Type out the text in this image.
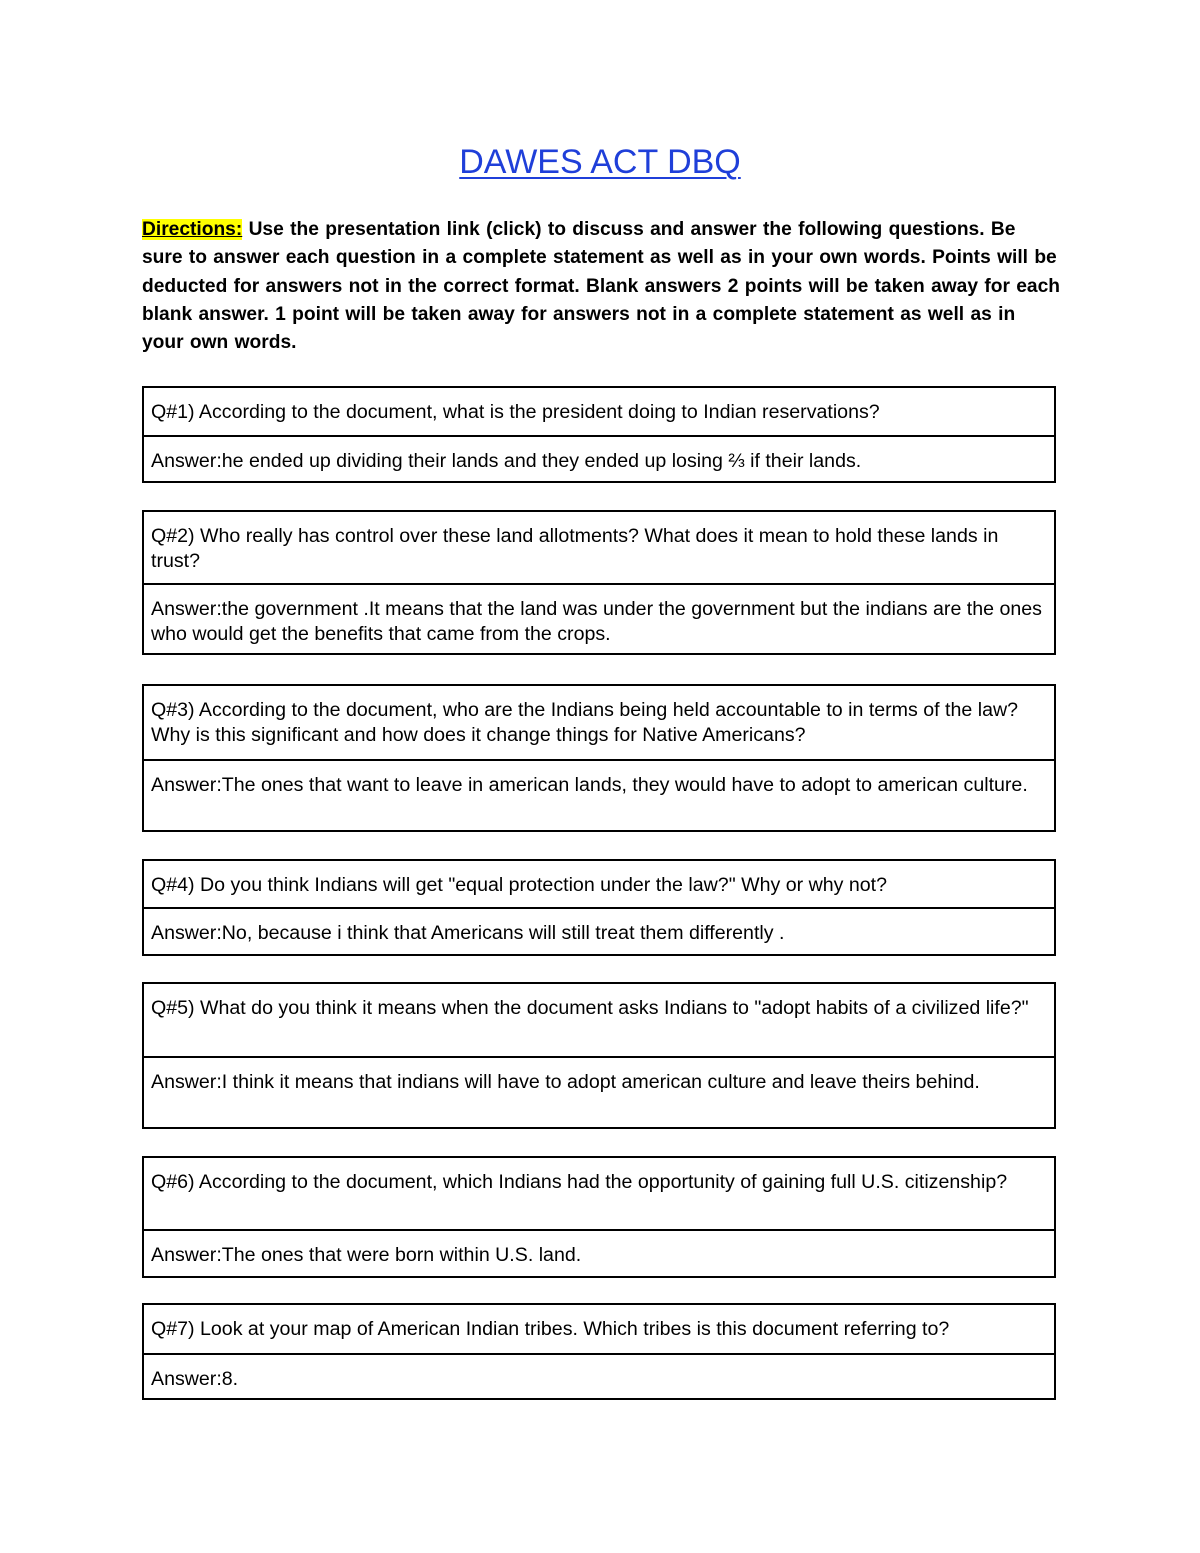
DAWES ACT DBQ
Directions: Use the presentation link (click) to discuss and answer the following questions. Be sure to answer each question in a complete statement as well as in your own words. Points will be deducted for answers not in the correct format. Blank answers 2 points will be taken away for each blank answer. 1 point will be taken away for answers not in a complete statement as well as in your own words.
Q#1) According to the document, what is the president doing to Indian reservations?
Answer:he ended up dividing their lands and they ended up losing ⅔ if their lands.
Q#2) Who really has control over these land allotments? What does it mean to hold these lands in trust?
Answer:the government .It means that the land was under the government but the indians are the ones who would get the benefits that came from the crops.
Q#3) According to the document, who are the Indians being held accountable to in terms of the law? Why is this significant and how does it change things for Native Americans?
Answer:The ones that want to leave in american lands, they would have to adopt to american culture.
Q#4) Do you think Indians will get "equal protection under the law?" Why or why not?
Answer:No, because i think that Americans will still treat them differently .
Q#5) What do you think it means when the document asks Indians to "adopt habits of a civilized life?"
Answer:I think it means that indians will have to adopt american culture and leave theirs behind.
Q#6) According to the document, which Indians had the opportunity of gaining full U.S. citizenship?
Answer:The ones that were born within U.S. land.
Q#7) Look at your map of American Indian tribes. Which tribes is this document referring to?
Answer:8.
